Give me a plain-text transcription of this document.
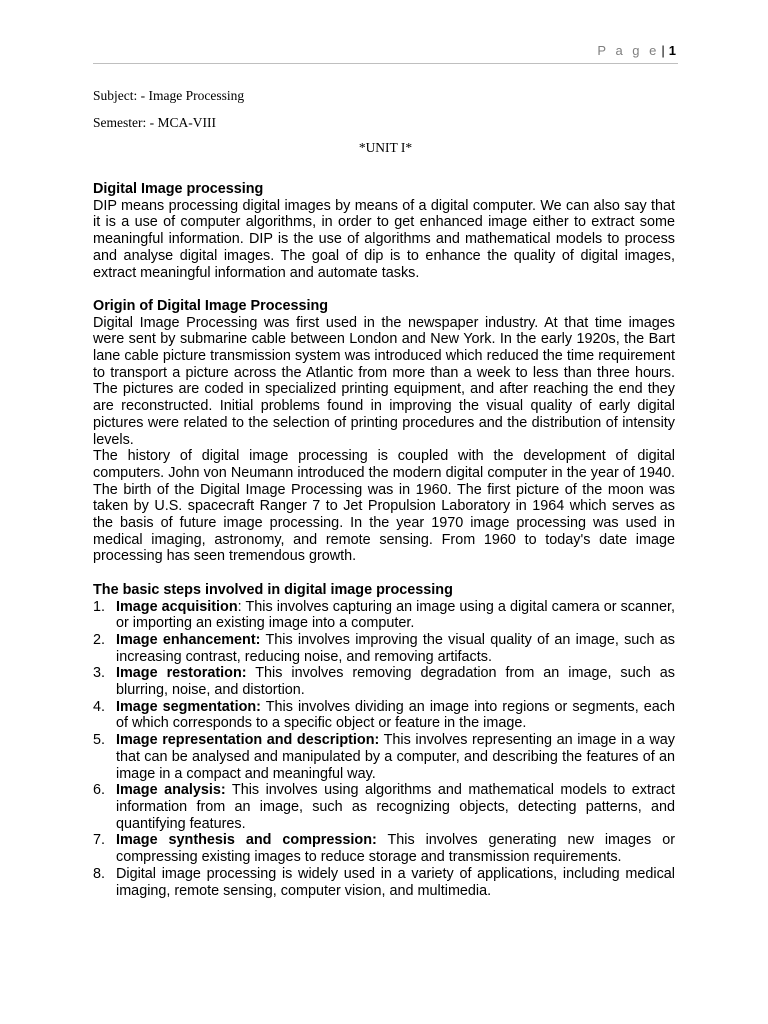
P a g e | 1
Subject: - Image Processing
Semester: - MCA-VIII
*UNIT I*
Digital Image processing

DIP means processing digital images by means of a digital computer. We can also say that it is a use of computer algorithms, in order to get enhanced image either to extract some meaningful information. DIP is the use of algorithms and mathematical models to process and analyse digital images. The goal of dip is to enhance the quality of digital images, extract meaningful information and automate tasks.

Origin of Digital Image Processing

Digital Image Processing was first used in the newspaper industry. At that time images were sent by submarine cable between London and New York. In the early 1920s, the Bart lane cable picture transmission system was introduced which reduced the time requirement to transport a picture across the Atlantic from more than a week to less than three hours. The pictures are coded in specialized printing equipment, and after reaching the end they are reconstructed. Initial problems found in improving the visual quality of early digital pictures were related to the selection of printing procedures and the distribution of intensity levels.

The history of digital image processing is coupled with the development of digital computers. John von Neumann introduced the modern digital computer in the year of 1940. The birth of the Digital Image Processing was in 1960. The first picture of the moon was taken by U.S. spacecraft Ranger 7 to Jet Propulsion Laboratory in 1964 which serves as the basis of future image processing. In the year 1970 image processing was used in medical imaging, astronomy, and remote sensing. From 1960 to today's date image processing has seen tremendous growth.

The basic steps involved in digital image processing
1. Image acquisition: This involves capturing an image using a digital camera or scanner, or importing an existing image into a computer.
2. Image enhancement: This involves improving the visual quality of an image, such as increasing contrast, reducing noise, and removing artifacts.
3. Image restoration: This involves removing degradation from an image, such as blurring, noise, and distortion.
4. Image segmentation: This involves dividing an image into regions or segments, each of which corresponds to a specific object or feature in the image.
5. Image representation and description: This involves representing an image in a way that can be analysed and manipulated by a computer, and describing the features of an image in a compact and meaningful way.
6. Image analysis: This involves using algorithms and mathematical models to extract information from an image, such as recognizing objects, detecting patterns, and quantifying features.
7. Image synthesis and compression: This involves generating new images or compressing existing images to reduce storage and transmission requirements.
8. Digital image processing is widely used in a variety of applications, including medical imaging, remote sensing, computer vision, and multimedia.
